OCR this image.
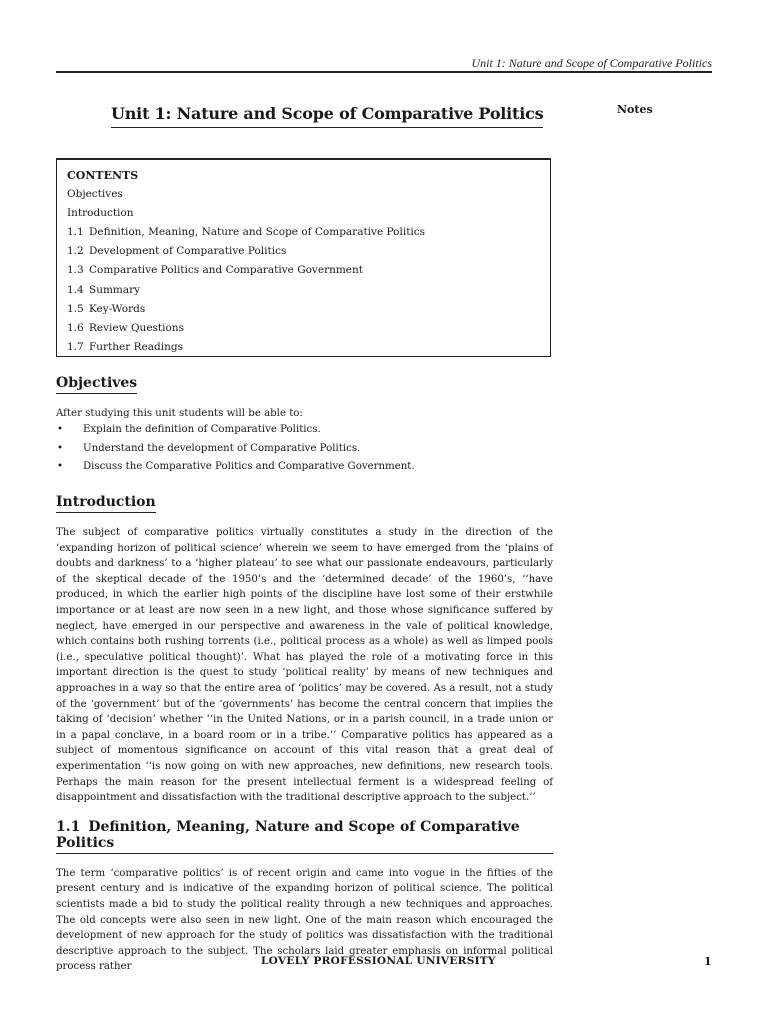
Unit 1: Nature and Scope of Comparative Politics
Unit 1: Nature and Scope of Comparative Politics	Notes
CONTENTS
Objectives
Introduction
1.1 Definition, Meaning, Nature and Scope of Comparative Politics
1.2 Development of Comparative Politics
1.3 Comparative Politics and Comparative Government
1.4 Summary
1.5 Key-Words
1.6 Review Questions
1.7 Further Readings
Objectives

After studying this unit students will be able to:

• Explain the definition of Comparative Politics.
• Understand the development of Comparative Politics.
• Discuss the Comparative Politics and Comparative Government.
Introduction

The subject of comparative politics virtually constitutes a study in the direction of the ‘expanding horizon of political science’ wherein we seem to have emerged from the ‘plains of doubts and darkness’ to a ‘higher plateau’ to see what our passionate endeavours, particularly of the skeptical decade of the 1950’s and the ‘determined decade’ of the 1960’s, ‘‘have produced, in which the earlier high points of the discipline have lost some of their erstwhile importance or at least are now seen in a new light, and those whose significance suffered by neglect, have emerged in our perspective and awareness in the vale of political knowledge, which contains both rushing torrents (i.e., political process as a whole) as well as limped pools (i.e., speculative political thought)’. What has played the role of a motivating force in this important direction is the quest to study ‘political reality’ by means of new techniques and approaches in a way so that the entire area of ‘politics’ may be covered. As a result, not a study of the ‘government’ but of the ‘governments’ has become the central concern that implies the taking of ‘decision’ whether ‘‘in the United Nations, or in a parish council, in a trade union or in a papal conclave, in a board room or in a tribe.’’ Comparative politics has appeared as a subject of momentous significance on account of this vital reason that a great deal of experimentation ‘‘is now going on with new approaches, new definitions, new research tools. Perhaps the main reason for the present intellectual ferment is a widespread feeling of disappointment and dissatisfaction with the traditional descriptive approach to the subject.’’

1.1 Definition, Meaning, Nature and Scope of Comparative Politics

The term ‘comparative politics’ is of recent origin and came into vogue in the fifties of the present century and is indicative of the expanding horizon of political science. The political scientists made a bid to study the political reality through a new techniques and approaches. The old concepts were also seen in new light. One of the main reason which encouraged the development of new approach for the study of politics was dissatisfaction with the traditional descriptive approach to the subject. The scholars laid greater emphasis on informal political process rather	LOVELY PROFESSIONAL UNIVERSITY	1
